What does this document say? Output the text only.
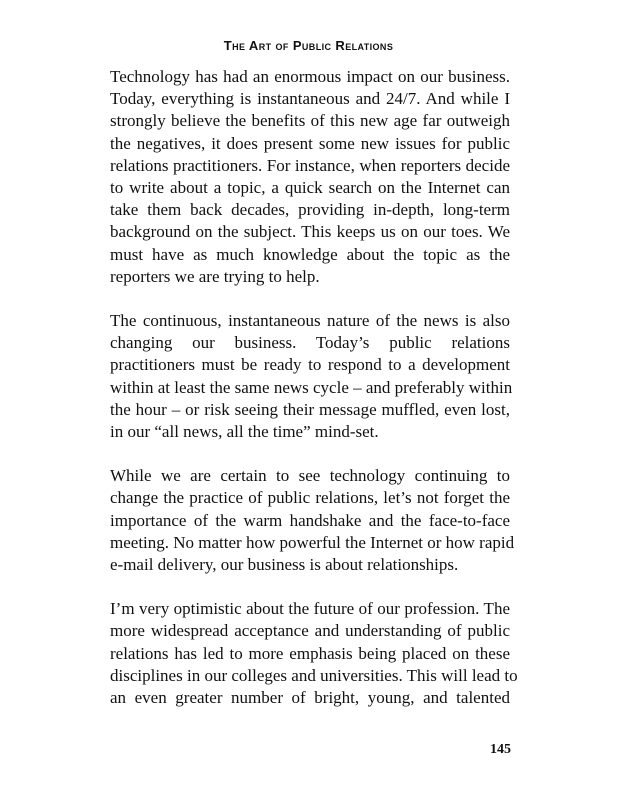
The Art of Public Relations

Technology has had an enormous impact on our business.
Today, everything is instantaneous and 24/7. And while I
strongly believe the benefits of this new age far outweigh
the negatives, it does present some new issues for public
relations practitioners. For instance, when reporters decide
to write about a topic, a quick search on the Internet can
take them back decades, providing in-depth, long-term
background on the subject. This keeps us on our toes. We
must have as much knowledge about the topic as the
reporters we are trying to help.

The continuous, instantaneous nature of the news is also
changing our business. Today’s public relations
practitioners must be ready to respond to a development
within at least the same news cycle – and preferably within
the hour – or risk seeing their message muffled, even lost,
in our “all news, all the time” mind-set.

While we are certain to see technology continuing to
change the practice of public relations, let’s not forget the
importance of the warm handshake and the face-to-face
meeting. No matter how powerful the Internet or how rapid
e-mail delivery, our business is about relationships.

I’m very optimistic about the future of our profession. The
more widespread acceptance and understanding of public
relations has led to more emphasis being placed on these
disciplines in our colleges and universities. This will lead to
an even greater number of bright, young, and talented

145
